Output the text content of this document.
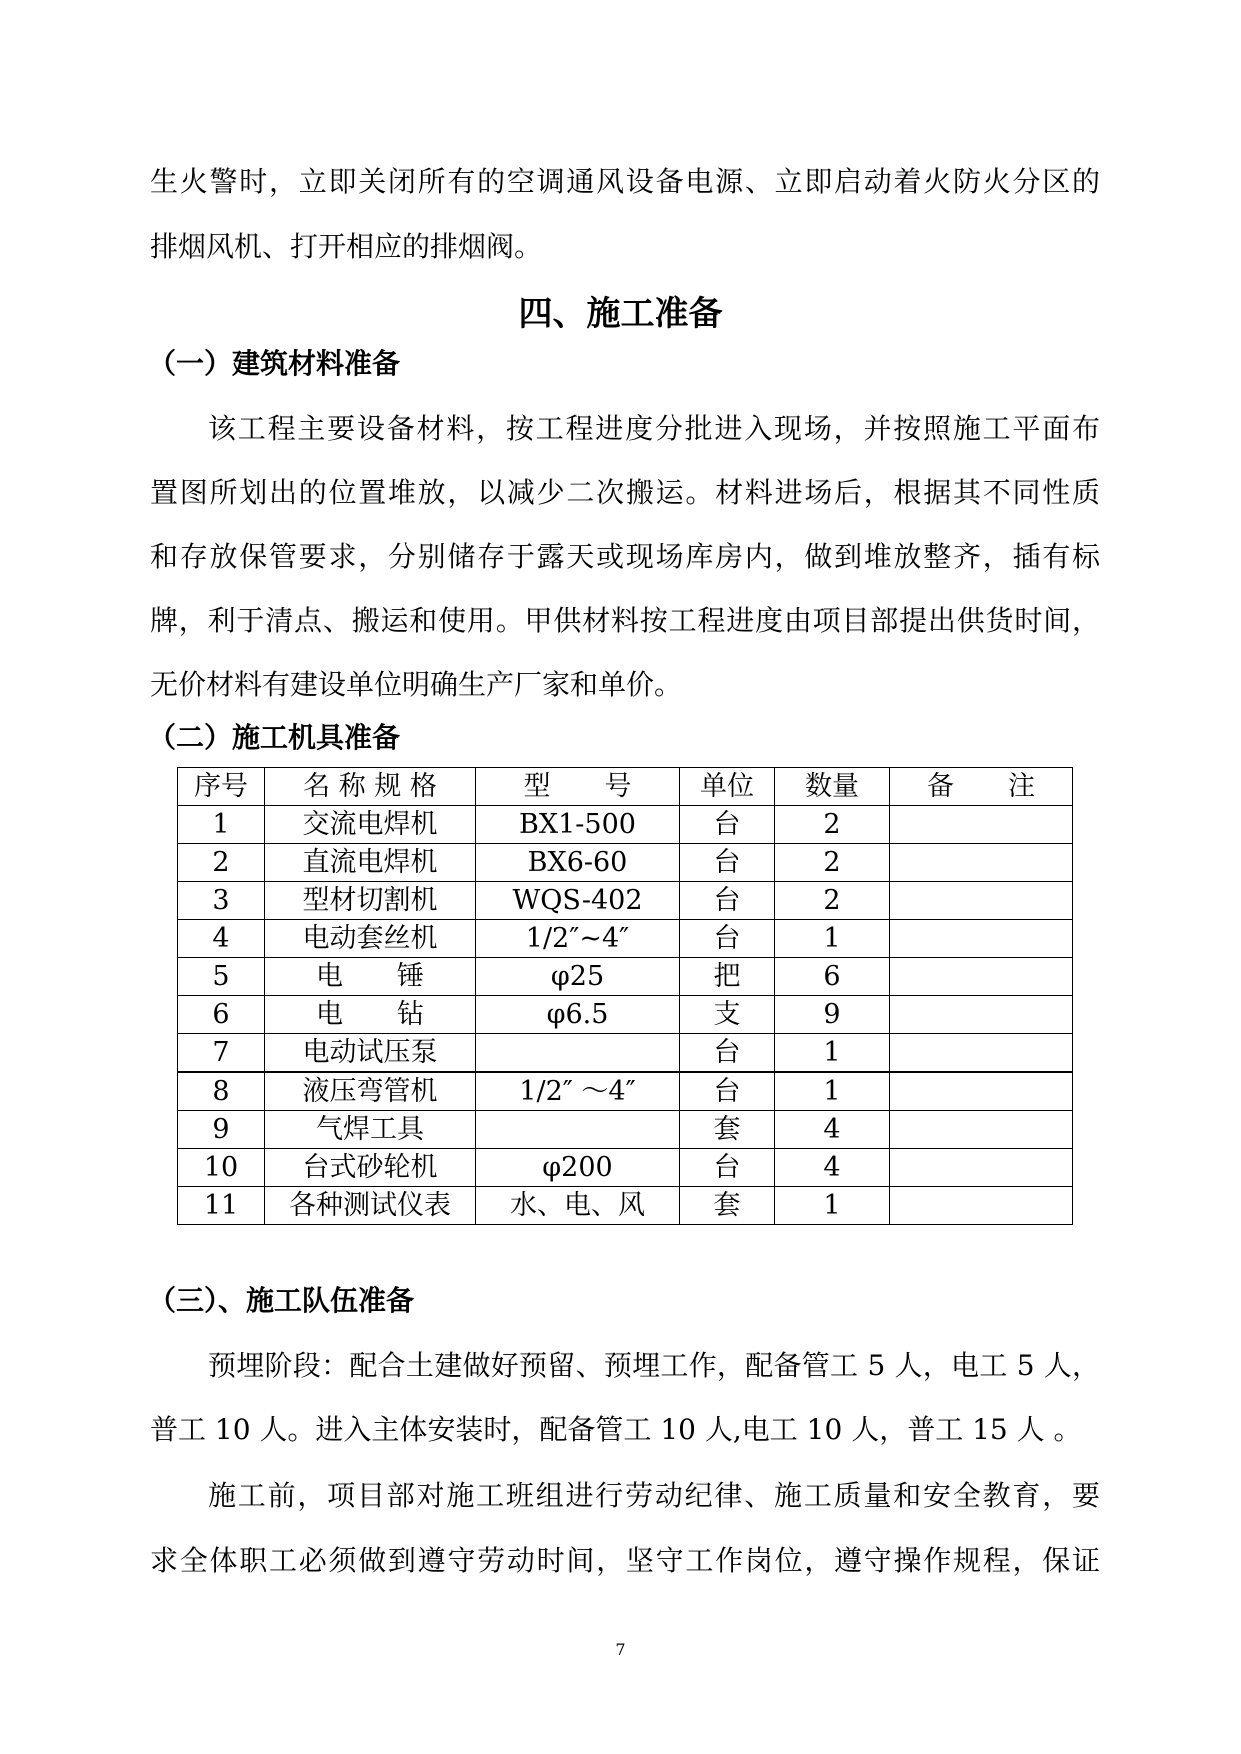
生火警时，立即关闭所有的空调通风设备电源、立即启动着火防火分区的
排烟风机、打开相应的排烟阀。
四、施工准备
（一）建筑材料准备
该工程主要设备材料，按工程进度分批进入现场，并按照施工平面布
置图所划出的位置堆放，以减少二次搬运。材料进场后，根据其不同性质
和存放保管要求，分别储存于露天或现场库房内，做到堆放整齐，插有标
牌，利于清点、搬运和使用。甲供材料按工程进度由项目部提出供货时间，
无价材料有建设单位明确生产厂家和单价。
（二）施工机具准备
序号	名 称 规 格	型　　号	单位	数量	备　　注
1	交流电焊机	BX1-500	台	2	
2	直流电焊机	BX6-60	台	2	
3	型材切割机	WQS-402	台	2	
4	电动套丝机	1/2″~4″	台	1	
5	电　　锤	φ25	把	6	
6	电　　钻	φ6.5	支	9	
7	电动试压泵		台	1	
8	液压弯管机	1/2″ ～4″	台	1	
9	气焊工具		套	4	
10	台式砂轮机	φ200	台	4	
11	各种测试仪表	水、电、风	套	1	
（三）、施工队伍准备
预埋阶段：配合土建做好预留、预埋工作，配备管工 5 人，电工 5 人，
普工 10 人。进入主体安装时，配备管工 10 人,电工 10 人，普工 15 人 。
施工前，项目部对施工班组进行劳动纪律、施工质量和安全教育，要
求全体职工必须做到遵守劳动时间，坚守工作岗位，遵守操作规程，保证
7
